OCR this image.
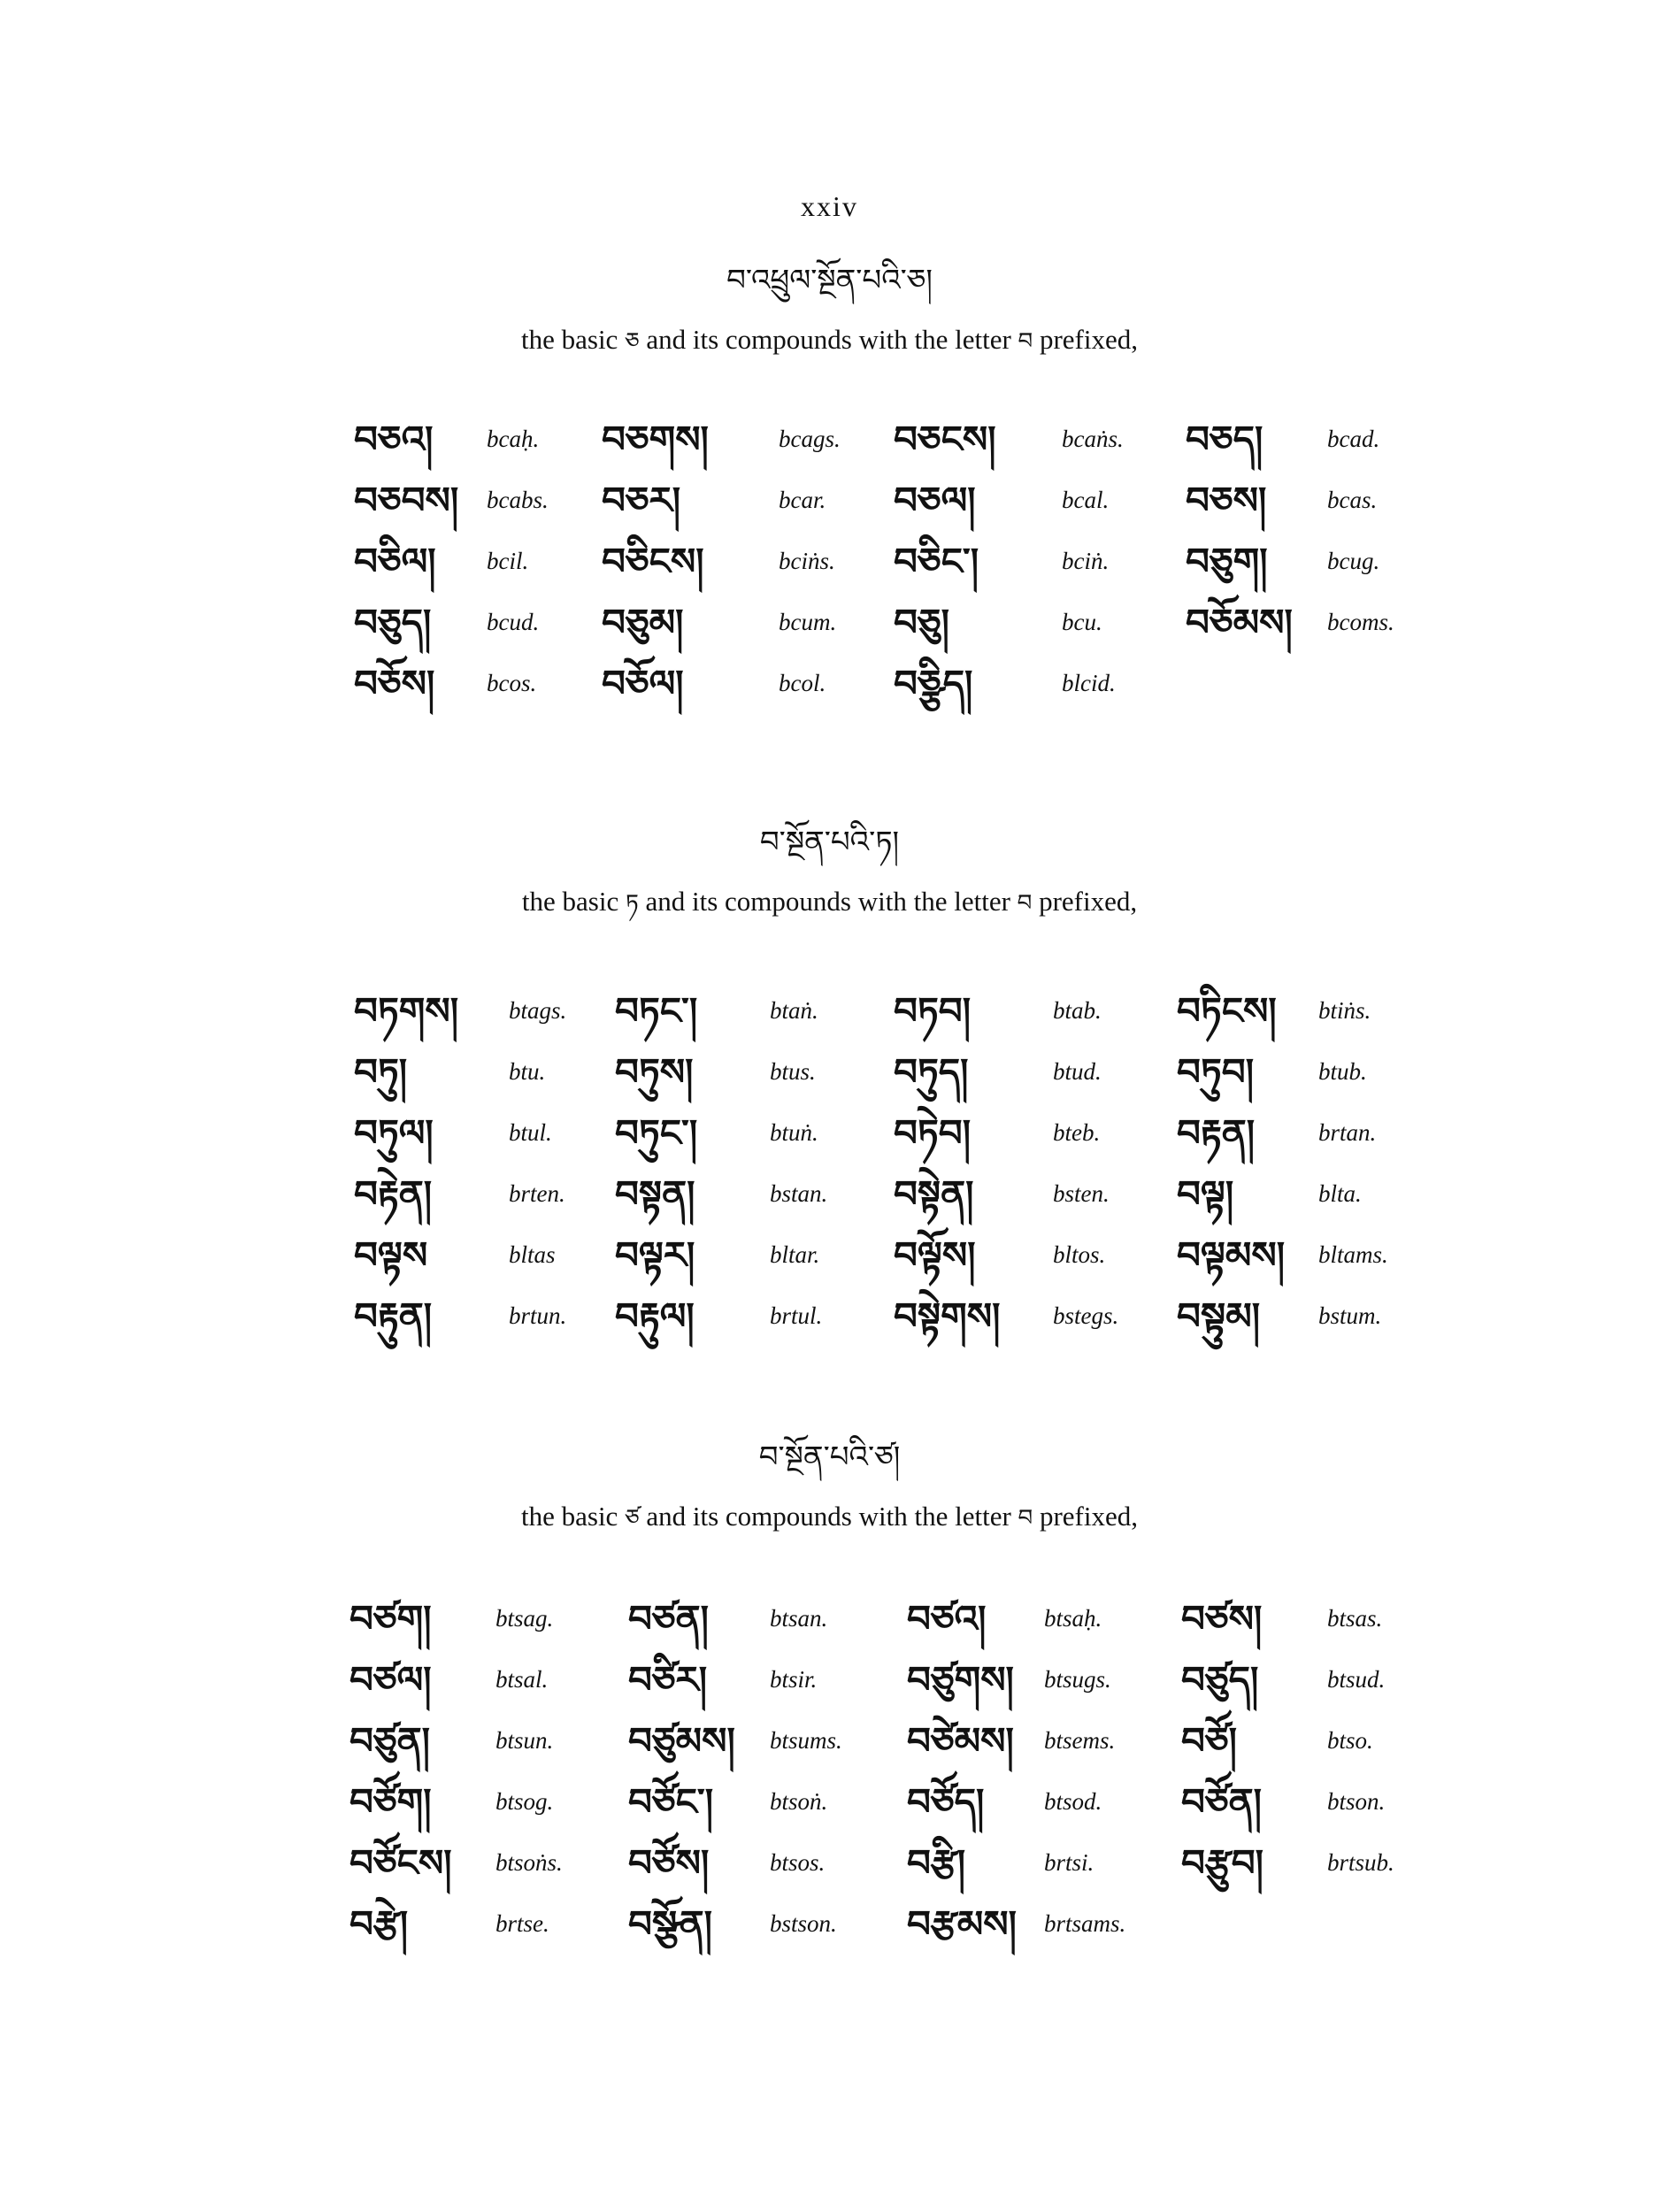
xxiv
བ་འཕྲུལ་སྔོན་པའི་ཅ།
the basic ཅ and its compounds with the letter བ prefixed,
བཅའ།	bcaḥ.	བཅགས།	bcags.	བཅངས།	bcaṅs.	བཅད།	bcad.
བཅབས།	bcabs.	བཅར།	bcar.	བཅལ།	bcal.	བཅས།	bcas.
བཅིལ།	bcil.	བཅིངས།	bciṅs.	བཅིང་།	bciṅ.	བཅུག།	bcug.
བཅུད།	bcud.	བཅུམ།	bcum.	བཅུ།	bcu.	བཅོམས།	bcoms.
བཅོས།	bcos.	བཅོལ།	bcol.	བཅྩིད།	blcid.
བ་སྔོན་པའི་ཏ།
the basic ཏ and its compounds with the letter བ prefixed,
བཏགས།	btags.	བཏང་།	btaṅ.	བཏབ།	btab.	བཏིངས།	btiṅs.
བཏུ།	btu.	བཏུས།	btus.	བཏུད།	btud.	བཏུབ།	btub.
བཏུལ།	btul.	བཏུང་།	btuṅ.	བཏེབ།	bteb.	བརྟན།	brtan.
བརྟེན།	brten.	བསྟན།	bstan.	བསྟེན།	bsten.	བལྟ།	blta.
བལྟས	bltas	བལྟར།	bltar.	བལྟོས།	bltos.	བལྟམས།	bltams.
བརྟུན།	brtun.	བརྟུལ།	brtul.	བསྟེགས།	bstegs.	བསྟུམ།	bstum.
བ་སྔོན་པའི་ཙ།
the basic ཙ and its compounds with the letter བ prefixed,
བཙག།	btsag.	བཙན།	btsan.	བཙའ།	btsaḥ.	བཙས།	btsas.
བཙལ།	btsal.	བཙིར།	btsir.	བཙུགས།	btsugs.	བཙུད།	btsud.
བཙུན།	btsun.	བཙུམས།	btsums.	བཙེམས།	btsems.	བཙོ།	btso.
བཙོག།	btsog.	བཙོང་།	btsoṅ.	བཙོད།	btsod.	བཙོན།	btson.
བཙོངས།	btsoṅs.	བཙོས།	btsos.	བརྩི།	brtsi.	བརྩུབ།	brtsub.
བརྩེ།	brtse.	བསྩོན།	bstson.	བརྩམས།	brtsams.
